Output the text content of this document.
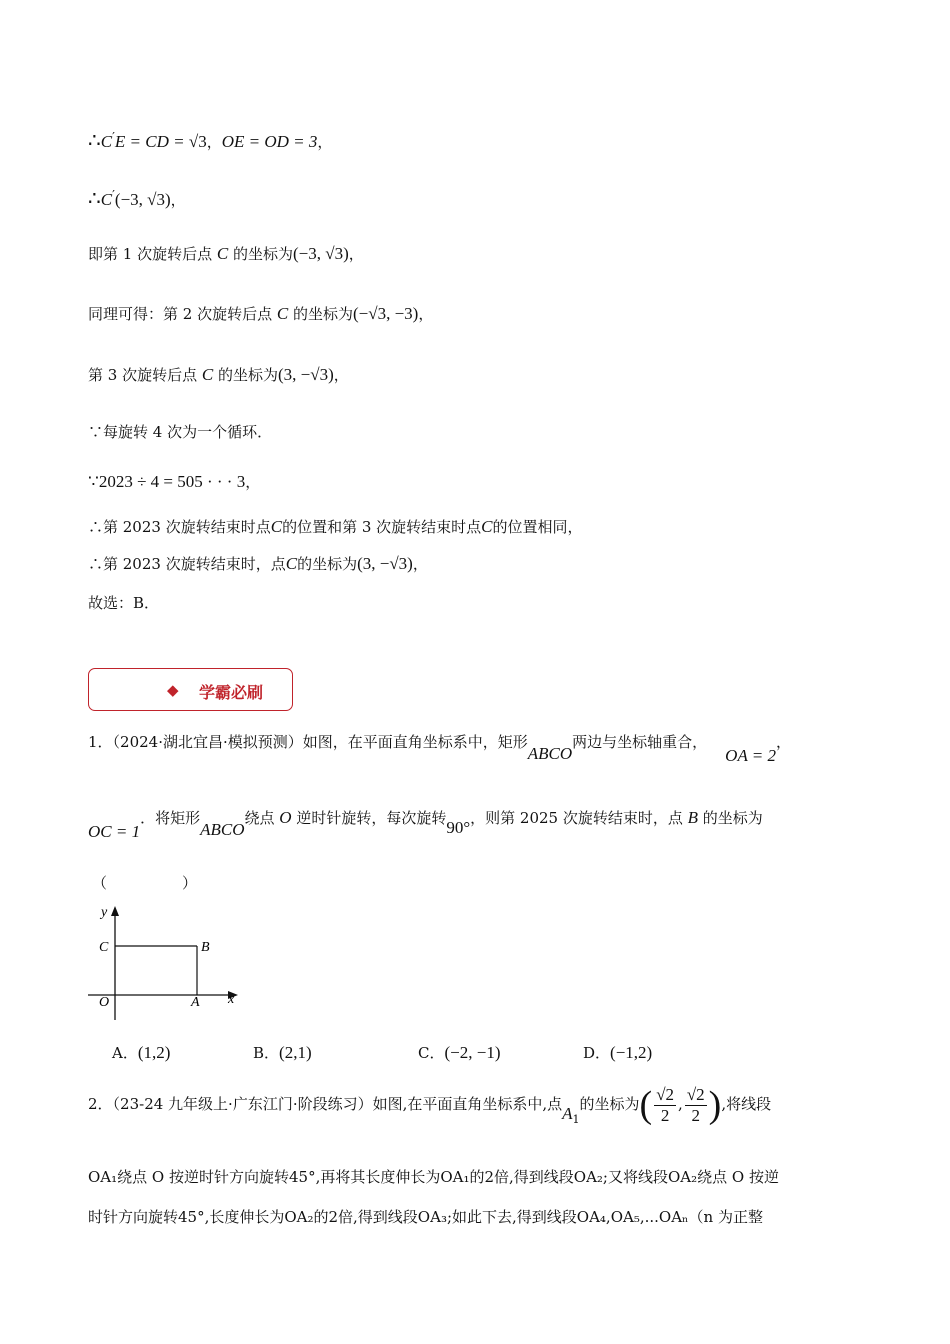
∴C′E = CD = √3，OE = OD = 3，
∴C′(−3, √3)，
即第 1 次旋转后点 C 的坐标为(−3, √3)，
同理可得：第 2 次旋转后点 C 的坐标为(−√3, −3)，
第 3 次旋转后点 C 的坐标为(3, −√3)，
∵每旋转 4 次为一个循环．
∵2023 ÷ 4 = 505 · · · 3，
∴第 2023 次旋转结束时点C的位置和第 3 次旋转结束时点C的位置相同，
∴第 2023 次旋转结束时，点C的坐标为(3, −√3)，
故选：B．
◆ 学霸必刷
1．（2024·湖北宜昌·模拟预测）如图，在平面直角坐标系中，矩形ABCO两边与坐标轴重合，OA = 2，
OC = 1．将矩形ABCO绕点 O 逆时针旋转，每次旋转90°，则第 2025 次旋转结束时，点 B 的坐标为
（　　　　　）
y
x
C	B
O	A
A．(1,2)	B．(2,1)	C．(−2, −1)	D．(−1,2)
2．（23-24 九年级上·广东江门·阶段练习）如图,在平面直角坐标系中,点$A_1$的坐标为( $\frac{√2}{2}$ , $\frac{√2}{2}$ ),将线段
OA₁绕点 O 按逆时针方向旋转45°,再将其长度伸长为OA₁的2倍,得到线段OA₂;又将线段OA₂绕点 O 按逆
时针方向旋转45°,长度伸长为OA₂的2倍,得到线段OA₃;如此下去,得到线段OA₄,OA₅,...OAₙ（n 为正整
